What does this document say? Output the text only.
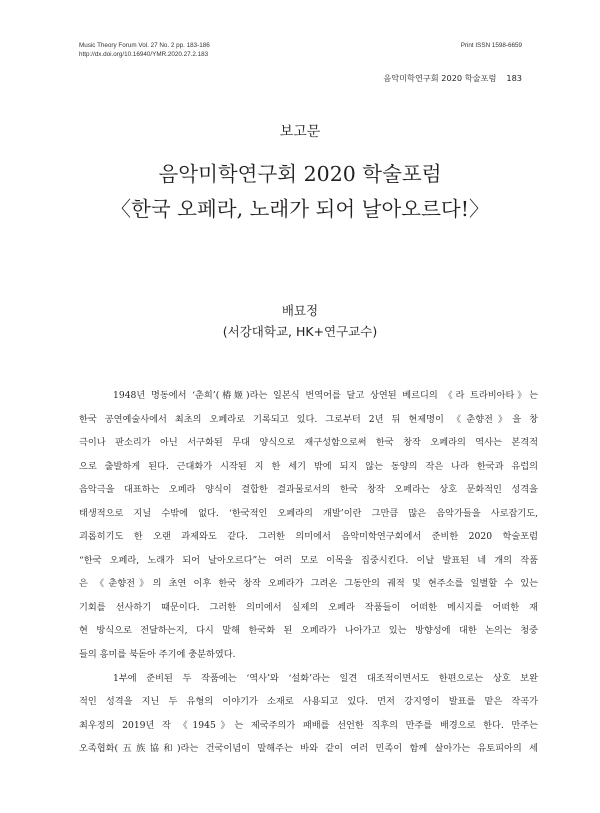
Music Theory Forum Vol. 27 No. 2 pp. 183-186
http://dx.doi.org/10.16940/YMR.2020.27.2.183
Print ISSN 1598-6659
음악미학연구회 2020 학술포럼 183
보고문
음악미학연구회 2020 학술포럼
〈한국 오페라, 노래가 되어 날아오르다!〉
배묘정
(서강대학교, HK+연구교수)
1948년 명동에서 ‘춘희’(椿姬)라는 일본식 번역어를 달고 상연된 베르디의 《라 트라비아타》는
한국 공연예술사에서 최초의 오페라로 기록되고 있다. 그로부터 2년 뒤 현제명이 《춘향전》을 창
극이나 판소리가 아닌 서구화된 무대 양식으로 재구성함으로써 한국 창작 오페라의 역사는 본격적
으로 출발하게 된다. 근대화가 시작된 지 한 세기 밖에 되지 않는 동양의 작은 나라 한국과 유럽의
음악극을 대표하는 오페라 양식이 결합한 결과물로서의 한국 창작 오페라는 상호 문화적인 성격을
태생적으로 지닐 수밖에 없다. ‘한국적인 오페라의 개발’이란 그만큼 많은 음악가들을 사로잡기도,
괴롭히기도 한 오랜 과제와도 같다. 그러한 의미에서 음악미학연구회에서 준비한 2020 학술포럼
“한국 오페라, 노래가 되어 날아오르다”는 여러 모로 이목을 집중시킨다. 이날 발표된 네 개의 작품
은 《춘향전》의 초연 이후 한국 창작 오페라가 그려온 그동안의 궤적 및 현주소를 일별할 수 있는
기회를 선사하기 때문이다. 그러한 의미에서 실제의 오페라 작품들이 어떠한 메시지를 어떠한 재
현 방식으로 전달하는지, 다시 말해 한국화 된 오페라가 나아가고 있는 방향성에 대한 논의는 청중
들의 흥미를 북돋아 주기에 충분하였다.
1부에 준비된 두 작품에는 ‘역사’와 ‘설화’라는 일견 대조적이면서도 한편으로는 상호 보완
적인 성격을 지닌 두 유형의 이야기가 소재로 사용되고 있다. 먼저 강지영이 발표를 맡은 작곡가
최우정의 2019년 작 《1945》는 제국주의가 패배를 선언한 직후의 만주를 배경으로 한다. 만주는
오족협화(五族協和)라는 건국이념이 말해주는 바와 같이 여러 민족이 함께 살아가는 유토피아의 세
